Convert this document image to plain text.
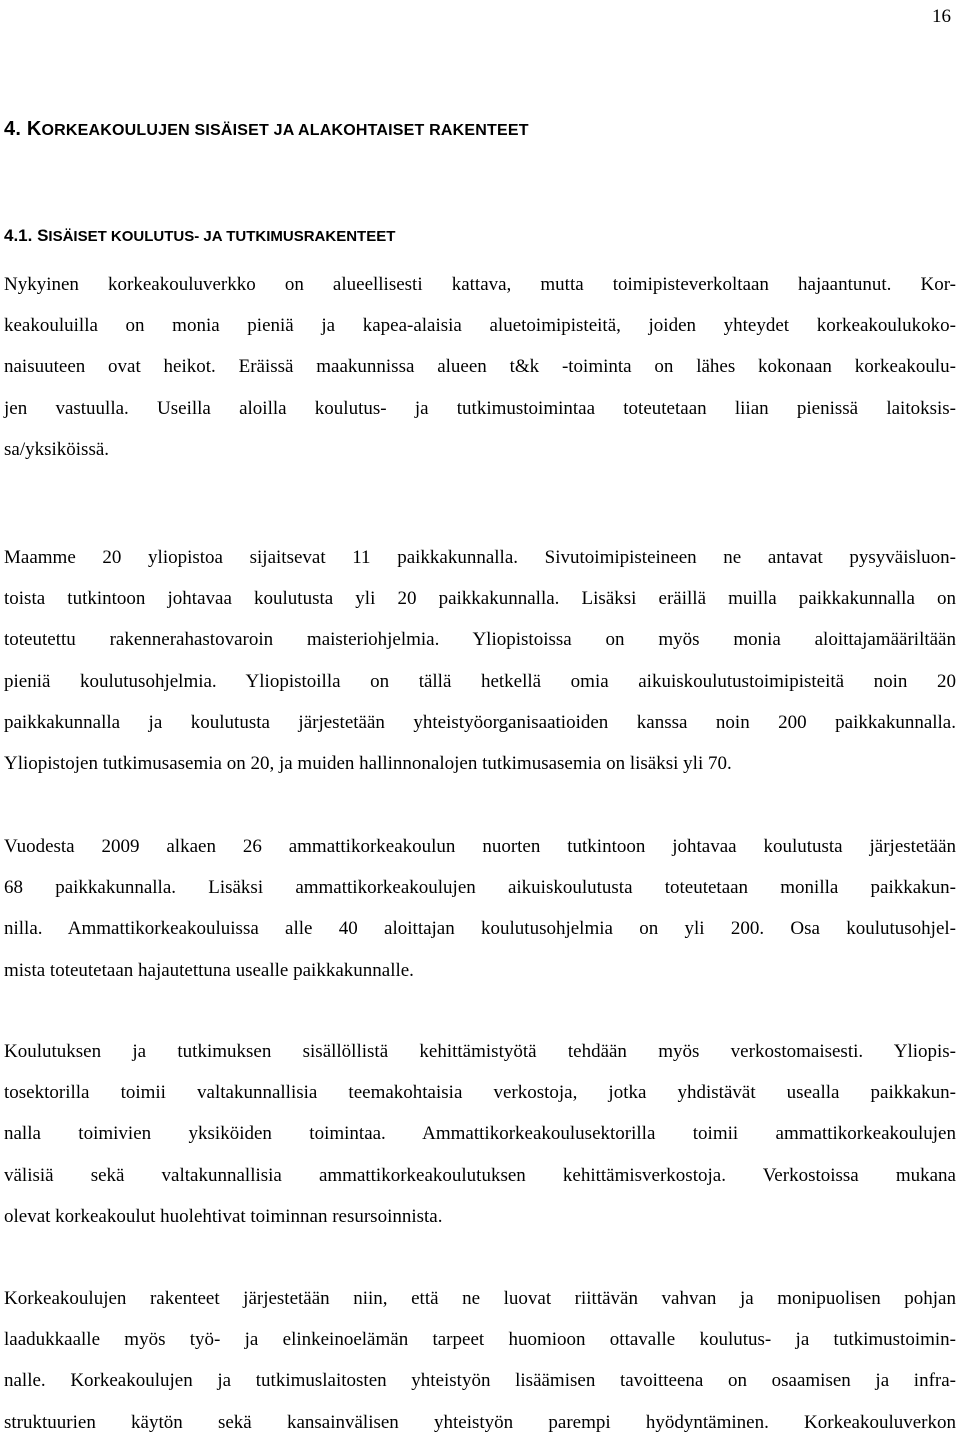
16
4. KORKEAKOULUJEN SISÄISET JA ALAKOHTAISET RAKENTEET
4.1. SISÄISET KOULUTUS- JA TUTKIMUSRAKENTEET
Nykyinen korkeakouluverkko on alueellisesti kattava, mutta toimipisteverkoltaan hajaantunut. Kor-
keakouluilla on monia pieniä ja kapea-alaisia aluetoimipisteitä, joiden yhteydet korkeakoulukoko-
naisuuteen ovat heikot. Eräissä maakunnissa alueen t&k -toiminta on lähes kokonaan korkeakoulu-
jen vastuulla. Useilla aloilla koulutus- ja tutkimustoimintaa toteutetaan liian pienissä laitoksis-
sa/yksiköissä.
Maamme 20 yliopistoa sijaitsevat 11 paikkakunnalla. Sivutoimipisteineen ne antavat pysyväisluon-
toista tutkintoon johtavaa koulutusta yli 20 paikkakunnalla. Lisäksi eräillä muilla paikkakunnalla on
toteutettu rakennerahastovaroin maisteriohjelmia. Yliopistoissa on myös monia aloittajamääriltään
pieniä koulutusohjelmia. Yliopistoilla on tällä hetkellä omia aikuiskoulutustoimipisteitä noin 20
paikkakunnalla ja koulutusta järjestetään yhteistyöorganisaatioiden kanssa noin 200 paikkakunnalla.
Yliopistojen tutkimusasemia on 20, ja muiden hallinnonalojen tutkimusasemia on lisäksi yli 70.
Vuodesta 2009 alkaen 26 ammattikorkeakoulun nuorten tutkintoon johtavaa koulutusta järjestetään
68 paikkakunnalla. Lisäksi ammattikorkeakoulujen aikuiskoulutusta toteutetaan monilla paikkakun-
nilla. Ammattikorkeakouluissa alle 40 aloittajan koulutusohjelmia on yli 200. Osa koulutusohjel-
mista toteutetaan hajautettuna usealle paikkakunnalle.
Koulutuksen ja tutkimuksen sisällöllistä kehittämistyötä tehdään myös verkostomaisesti. Yliopis-
tosektorilla toimii valtakunnallisia teemakohtaisia verkostoja, jotka yhdistävät usealla paikkakun-
nalla toimivien yksiköiden toimintaa. Ammattikorkeakoulusektorilla toimii ammattikorkeakoulujen
välisiä sekä valtakunnallisia ammattikorkeakoulutuksen kehittämisverkostoja. Verkostoissa mukana
olevat korkeakoulut huolehtivat toiminnan resursoinnista.
Korkeakoulujen rakenteet järjestetään niin, että ne luovat riittävän vahvan ja monipuolisen pohjan
laadukkaalle myös työ- ja elinkeinoelämän tarpeet huomioon ottavalle koulutus- ja tutkimustoimin-
nalle. Korkeakoulujen ja tutkimuslaitosten yhteistyön lisäämisen tavoitteena on osaamisen ja infra-
struktuurien käytön sekä kansainvälisen yhteistyön parempi hyödyntäminen. Korkeakouluverkon
